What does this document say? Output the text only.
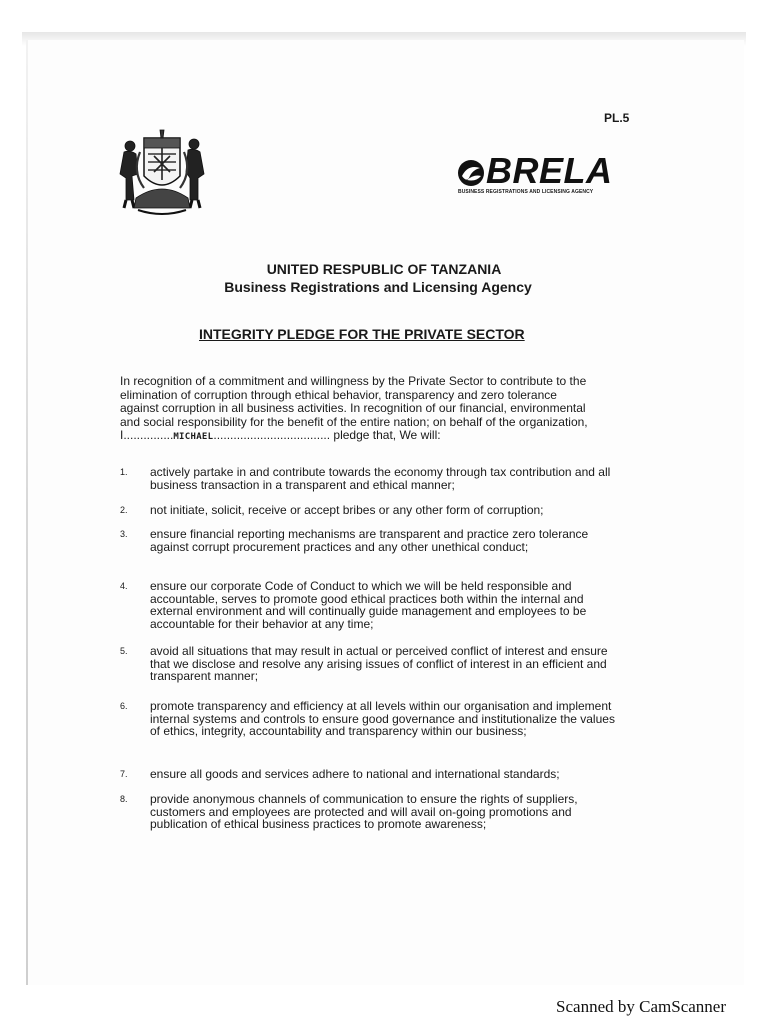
PL.5
BRELA
BUSINESS REGISTRATIONS AND LICENSING AGENCY
UNITED RESPUBLIC OF TANZANIA
Business Registrations and Licensing Agency
INTEGRITY PLEDGE FOR THE PRIVATE SECTOR
In recognition of a commitment and willingness by the Private Sector to contribute to the
elimination of corruption through ethical behavior, transparency and zero tolerance
against corruption in all business activities. In recognition of our financial, environmental
and social responsibility for the benefit of the entire nation; on behalf of the organization,
I...............MICHAEL................................... pledge that, We will:
1. actively partake in and contribute towards the economy through tax contribution and all business transaction in a transparent and ethical manner;
2. not initiate, solicit, receive or accept bribes or any other form of corruption;
3. ensure financial reporting mechanisms are transparent and practice zero tolerance against corrupt procurement practices and any other unethical conduct;
4. ensure our corporate Code of Conduct to which we will be held responsible and accountable, serves to promote good ethical practices both within the internal and external environment and will continually guide management and employees to be accountable for their behavior at any time;
5. avoid all situations that may result in actual or perceived conflict of interest and ensure that we disclose and resolve any arising issues of conflict of interest in an efficient and transparent manner;
6. promote transparency and efficiency at all levels within our organisation and implement internal systems and controls to ensure good governance and institutionalize the values of ethics, integrity, accountability and transparency within our business;
7. ensure all goods and services adhere to national and international standards;
8. provide anonymous channels of communication to ensure the rights of suppliers, customers and employees are protected and will avail on-going promotions and publication of ethical business practices to promote awareness;
Scanned by CamScanner
